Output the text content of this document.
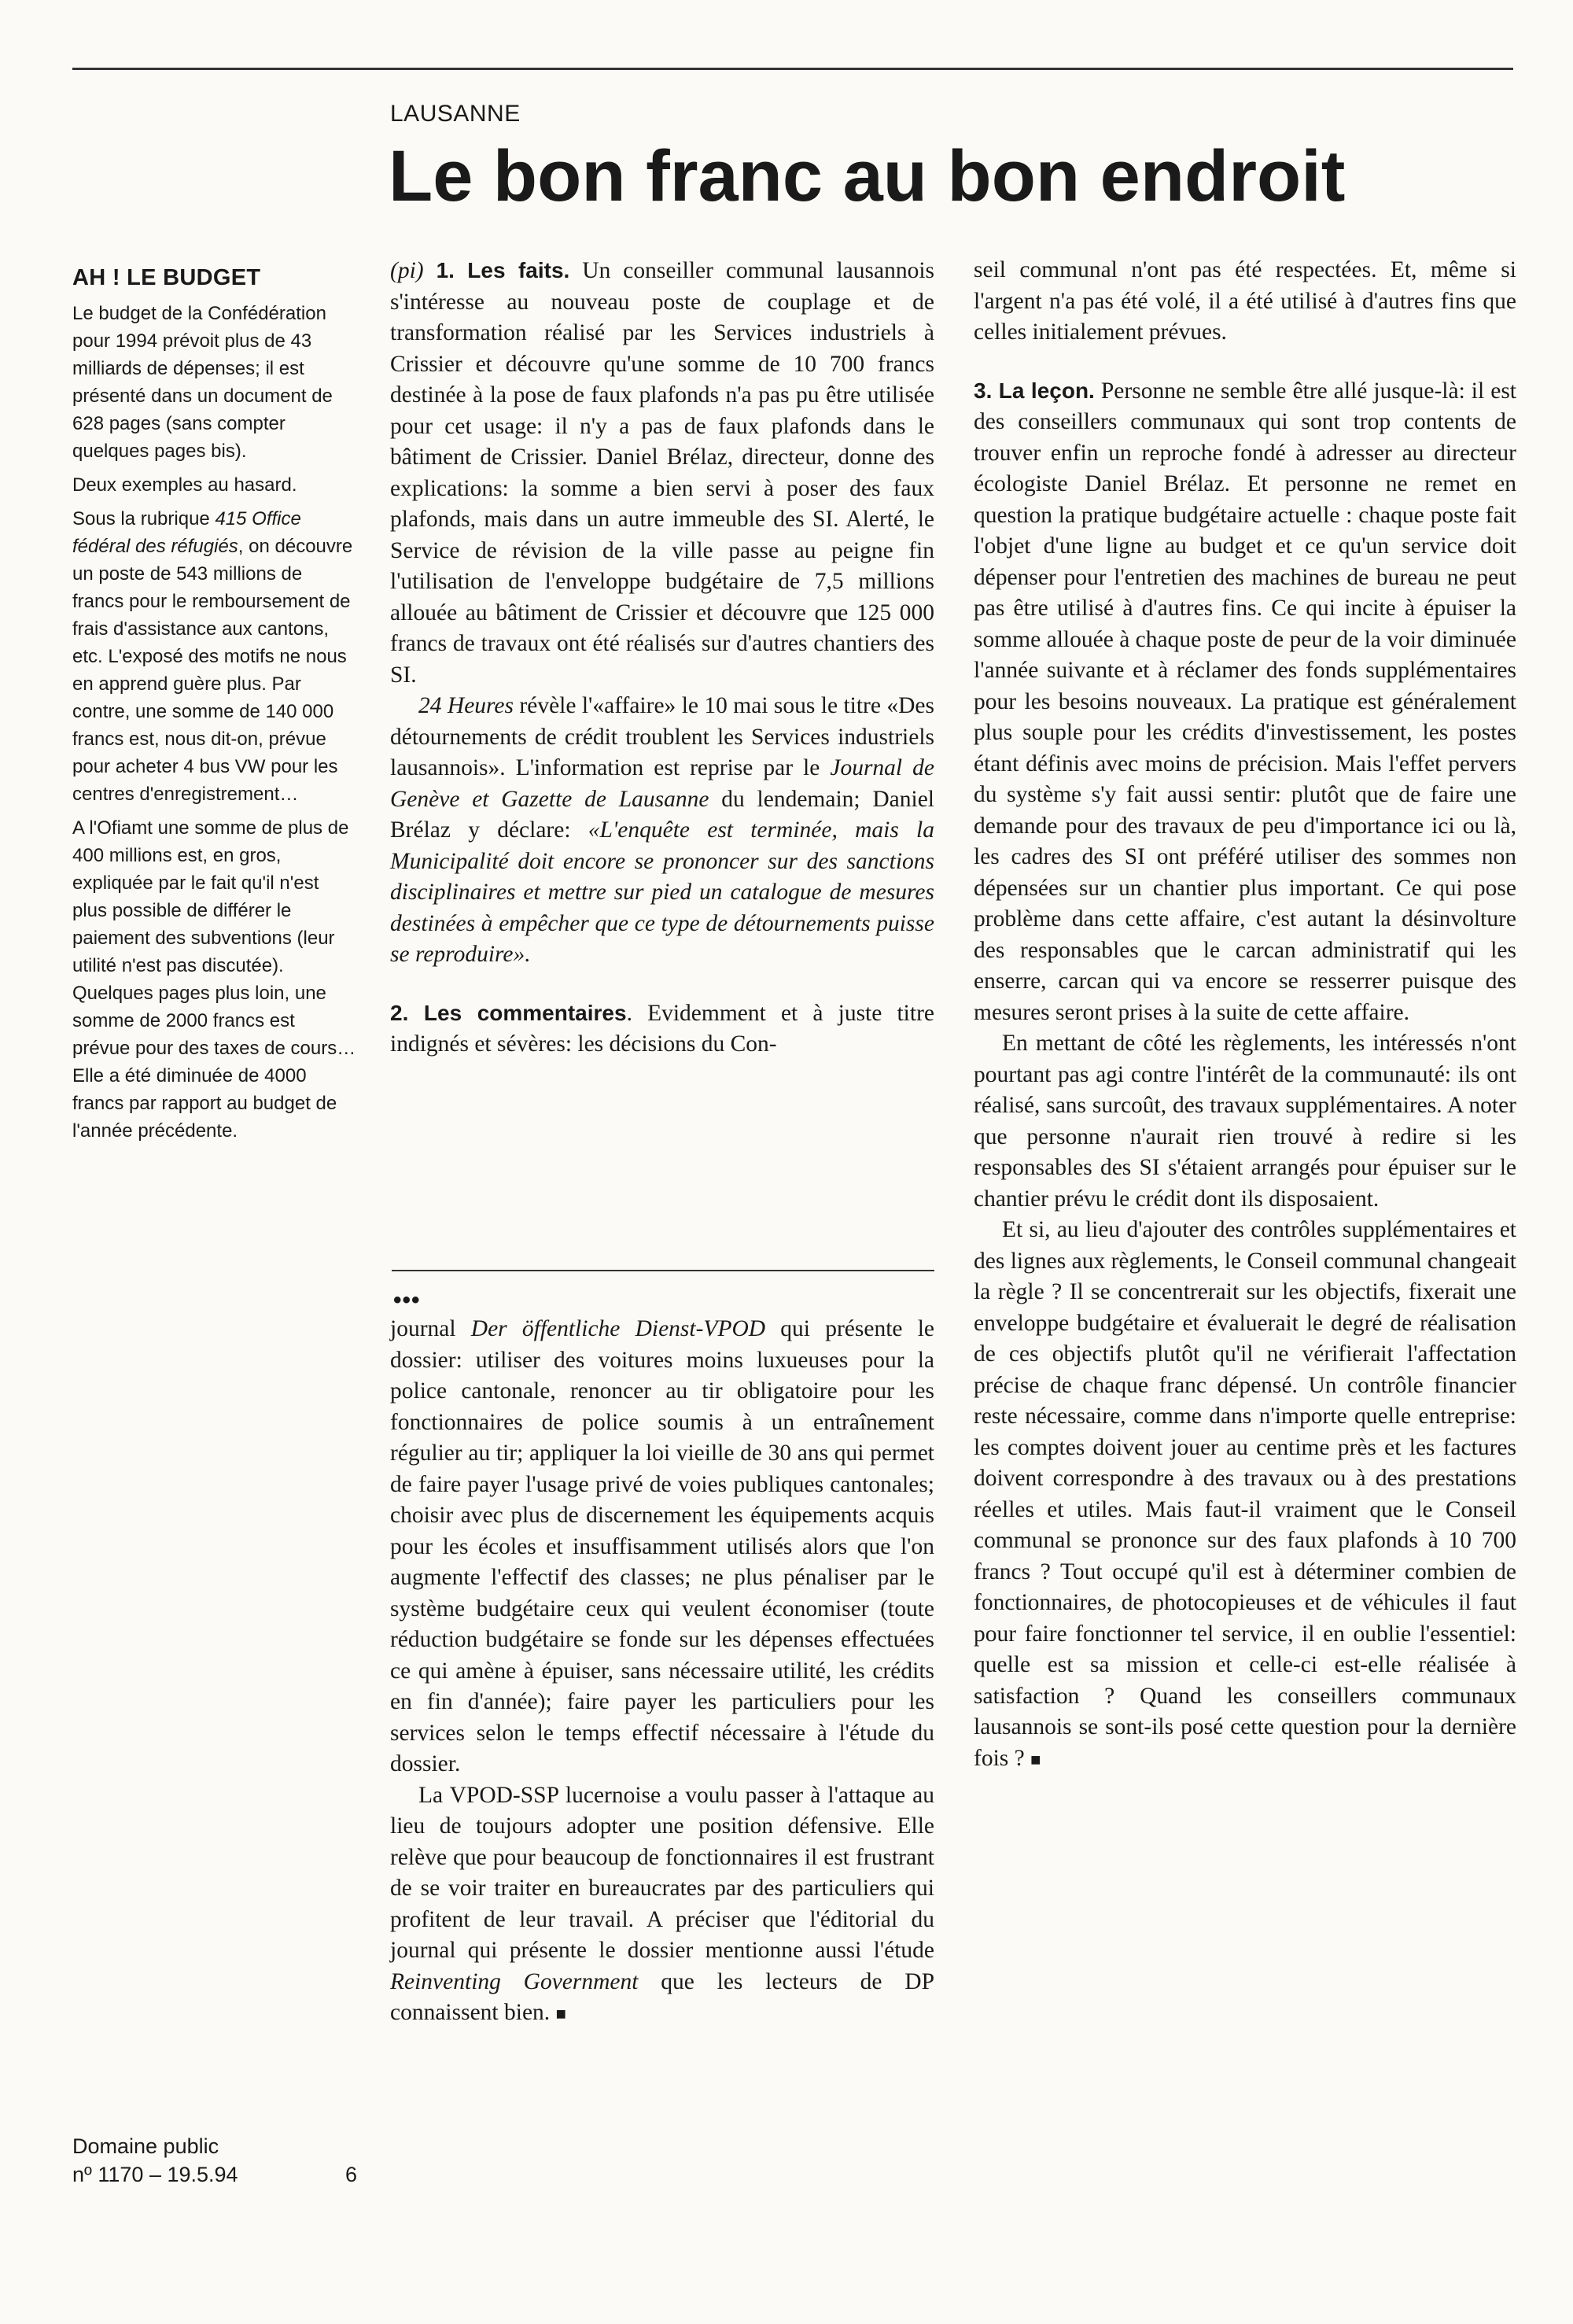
LAUSANNE
Le bon franc au bon endroit
AH ! LE BUDGET

Le budget de la Confédération pour 1994 prévoit plus de 43 milliards de dépenses; il est présenté dans un document de 628 pages (sans compter quelques pages bis).

Deux exemples au hasard.

Sous la rubrique 415 Office fédéral des réfugiés, on découvre un poste de 543 millions de francs pour le remboursement de frais d'assistance aux cantons, etc. L'exposé des motifs ne nous en apprend guère plus. Par contre, une somme de 140 000 francs est, nous dit-on, prévue pour acheter 4 bus VW pour les centres d'enregistrement…

A l'Ofiamt une somme de plus de 400 millions est, en gros, expliquée par le fait qu'il n'est plus possible de différer le paiement des subventions (leur utilité n'est pas discutée). Quelques pages plus loin, une somme de 2000 francs est prévue pour des taxes de cours… Elle a été diminuée de 4000 francs par rapport au budget de l'année précédente.

(pi) 1. Les faits. Un conseiller communal lausannois s'intéresse au nouveau poste de couplage et de transformation réalisé par les Services industriels à Crissier et découvre qu'une somme de 10 700 francs destinée à la pose de faux plafonds n'a pas pu être utilisée pour cet usage: il n'y a pas de faux plafonds dans le bâtiment de Crissier. Daniel Brélaz, directeur, donne des explications: la somme a bien servi à poser des faux plafonds, mais dans un autre immeuble des SI. Alerté, le Service de révision de la ville passe au peigne fin l'utilisation de l'enveloppe budgétaire de 7,5 millions allouée au bâtiment de Crissier et découvre que 125 000 francs de travaux ont été réalisés sur d'autres chantiers des SI.

24 Heures révèle l'«affaire» le 10 mai sous le titre «Des détournements de crédit troublent les Services industriels lausannois». L'information est reprise par le Journal de Genève et Gazette de Lausanne du lendemain; Daniel Brélaz y déclare: «L'enquête est terminée, mais la Municipalité doit encore se prononcer sur des sanctions disciplinaires et mettre sur pied un catalogue de mesures destinées à empêcher que ce type de détournements puisse se reproduire».

2. Les commentaires. Evidemment et à juste titre indignés et sévères: les décisions du Con-

•••

journal Der öffentliche Dienst-VPOD qui présente le dossier: utiliser des voitures moins luxueuses pour la police cantonale, renoncer au tir obligatoire pour les fonctionnaires de police soumis à un entraînement régulier au tir; appliquer la loi vieille de 30 ans qui permet de faire payer l'usage privé de voies publiques cantonales; choisir avec plus de discernement les équipements acquis pour les écoles et insuffisamment utilisés alors que l'on augmente l'effectif des classes; ne plus pénaliser par le système budgétaire ceux qui veulent économiser (toute réduction budgétaire se fonde sur les dépenses effectuées ce qui amène à épuiser, sans nécessaire utilité, les crédits en fin d'année); faire payer les particuliers pour les services selon le temps effectif nécessaire à l'étude du dossier.

La VPOD-SSP lucernoise a voulu passer à l'attaque au lieu de toujours adopter une position défensive. Elle relève que pour beaucoup de fonctionnaires il est frustrant de se voir traiter en bureaucrates par des particuliers qui profitent de leur travail. A préciser que l'éditorial du journal qui présente le dossier mentionne aussi l'étude Reinventing Government que les lecteurs de DP connaissent bien. ■

seil communal n'ont pas été respectées. Et, même si l'argent n'a pas été volé, il a été utilisé à d'autres fins que celles initialement prévues.

3. La leçon. Personne ne semble être allé jusque-là: il est des conseillers communaux qui sont trop contents de trouver enfin un reproche fondé à adresser au directeur écologiste Daniel Brélaz. Et personne ne remet en question la pratique budgétaire actuelle : chaque poste fait l'objet d'une ligne au budget et ce qu'un service doit dépenser pour l'entretien des machines de bureau ne peut pas être utilisé à d'autres fins. Ce qui incite à épuiser la somme allouée à chaque poste de peur de la voir diminuée l'année suivante et à réclamer des fonds supplémentaires pour les besoins nouveaux. La pratique est généralement plus souple pour les crédits d'investissement, les postes étant définis avec moins de précision. Mais l'effet pervers du système s'y fait aussi sentir: plutôt que de faire une demande pour des travaux de peu d'importance ici ou là, les cadres des SI ont préféré utiliser des sommes non dépensées sur un chantier plus important. Ce qui pose problème dans cette affaire, c'est autant la désinvolture des responsables que le carcan administratif qui les enserre, carcan qui va encore se resserrer puisque des mesures seront prises à la suite de cette affaire.

En mettant de côté les règlements, les intéressés n'ont pourtant pas agi contre l'intérêt de la communauté: ils ont réalisé, sans surcoût, des travaux supplémentaires. A noter que personne n'aurait rien trouvé à redire si les responsables des SI s'étaient arrangés pour épuiser sur le chantier prévu le crédit dont ils disposaient.

Et si, au lieu d'ajouter des contrôles supplémentaires et des lignes aux règlements, le Conseil communal changeait la règle ? Il se concentrerait sur les objectifs, fixerait une enveloppe budgétaire et évaluerait le degré de réalisation de ces objectifs plutôt qu'il ne vérifierait l'affectation précise de chaque franc dépensé. Un contrôle financier reste nécessaire, comme dans n'importe quelle entreprise: les comptes doivent jouer au centime près et les factures doivent correspondre à des travaux ou à des prestations réelles et utiles. Mais faut-il vraiment que le Conseil communal se prononce sur des faux plafonds à 10 700 francs ? Tout occupé qu'il est à déterminer combien de fonctionnaires, de photocopieuses et de véhicules il faut pour faire fonctionner tel service, il en oublie l'essentiel: quelle est sa mission et celle-ci est-elle réalisée à satisfaction ? Quand les conseillers communaux lausannois se sont-ils posé cette question pour la dernière fois ? ■

Domaine public
nº 1170 – 19.5.94	6
